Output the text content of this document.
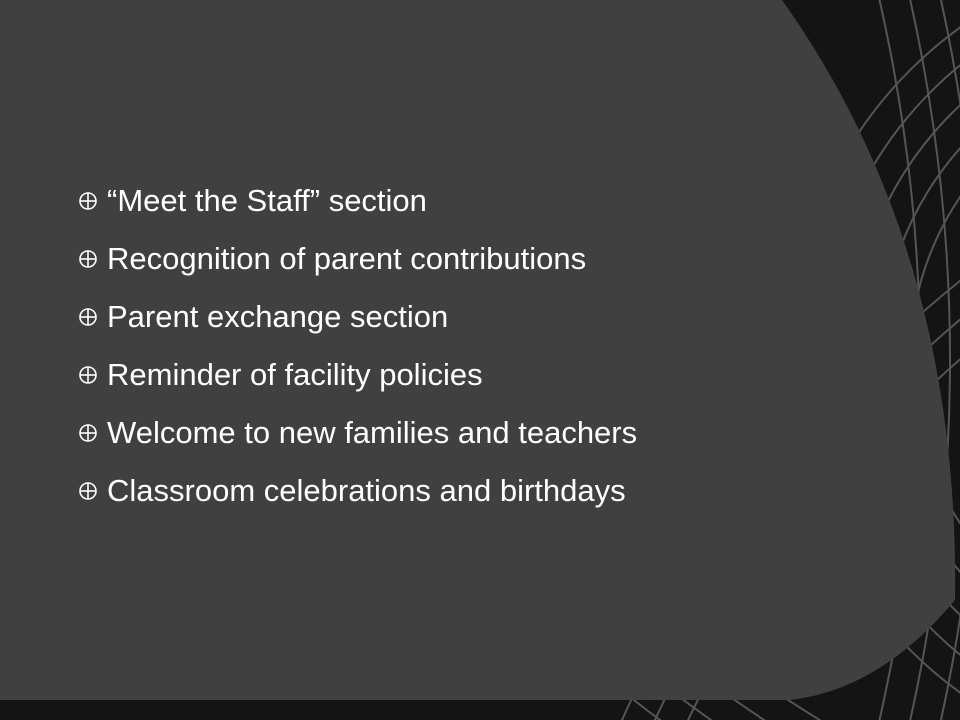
“Meet the Staff” section
Recognition of parent contributions
Parent exchange section
Reminder of facility policies
Welcome to new families and teachers
Classroom celebrations and birthdays
